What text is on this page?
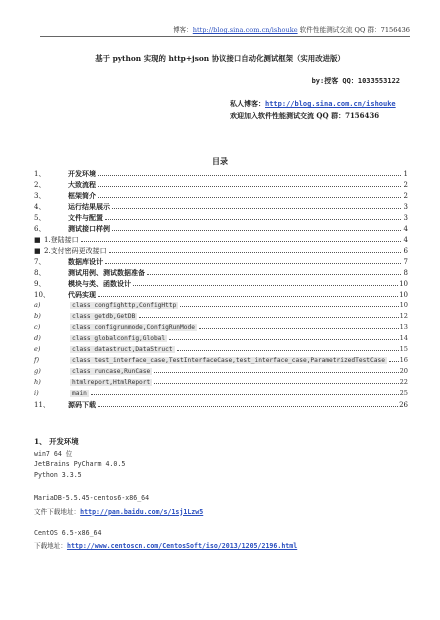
博客：http://blog.sina.com.cn/ishouke 软件性能测试交流 QQ 群：7156436
基于 python 实现的 http+json 协议接口自动化测试框架（实用改进版）
by:授客 QQ：1033553122
私人博客：http://blog.sina.com.cn/ishouke
欢迎加入软件性能测试交流 QQ 群：7156436
目录
1、	开发环境	1
2、	大致流程	2
3、	框架简介	2
4、	运行结果展示	3
5、	文件与配置	3
6、	测试接口样例	4
■ 1.登陆接口	4
■ 2.支付密码更改接口	6
7、	数据库设计	7
8、	测试用例、测试数据准备	8
9、	模块与类、函数设计	10
10、	代码实现	10
a)	class congfighttp,ConfigHttp	10
b)	class getdb,GetDB	12
c)	class configrunmode,ConfigRunMode	13
d)	class globalconfig,Global	14
e)	class datastruct,DataStruct	15
f)	class test_interface_case,TestInterfaceCase,test_interface_case,ParametrizedTestCase	16
g)	class runcase,RunCase	20
h)	htmlreport,HtmlReport	22
i)	main	25
11、	源码下载	26
1、 开发环境
win7 64 位
JetBrains PyCharm 4.0.5
Python 3.3.5
MariaDB-5.5.45-centos6-x86_64
文件下载地址：http://pan.baidu.com/s/1sj1Lzw5
CentOS 6.5-x86_64
下载地址：http://www.centoscn.com/CentosSoft/iso/2013/1205/2196.html
